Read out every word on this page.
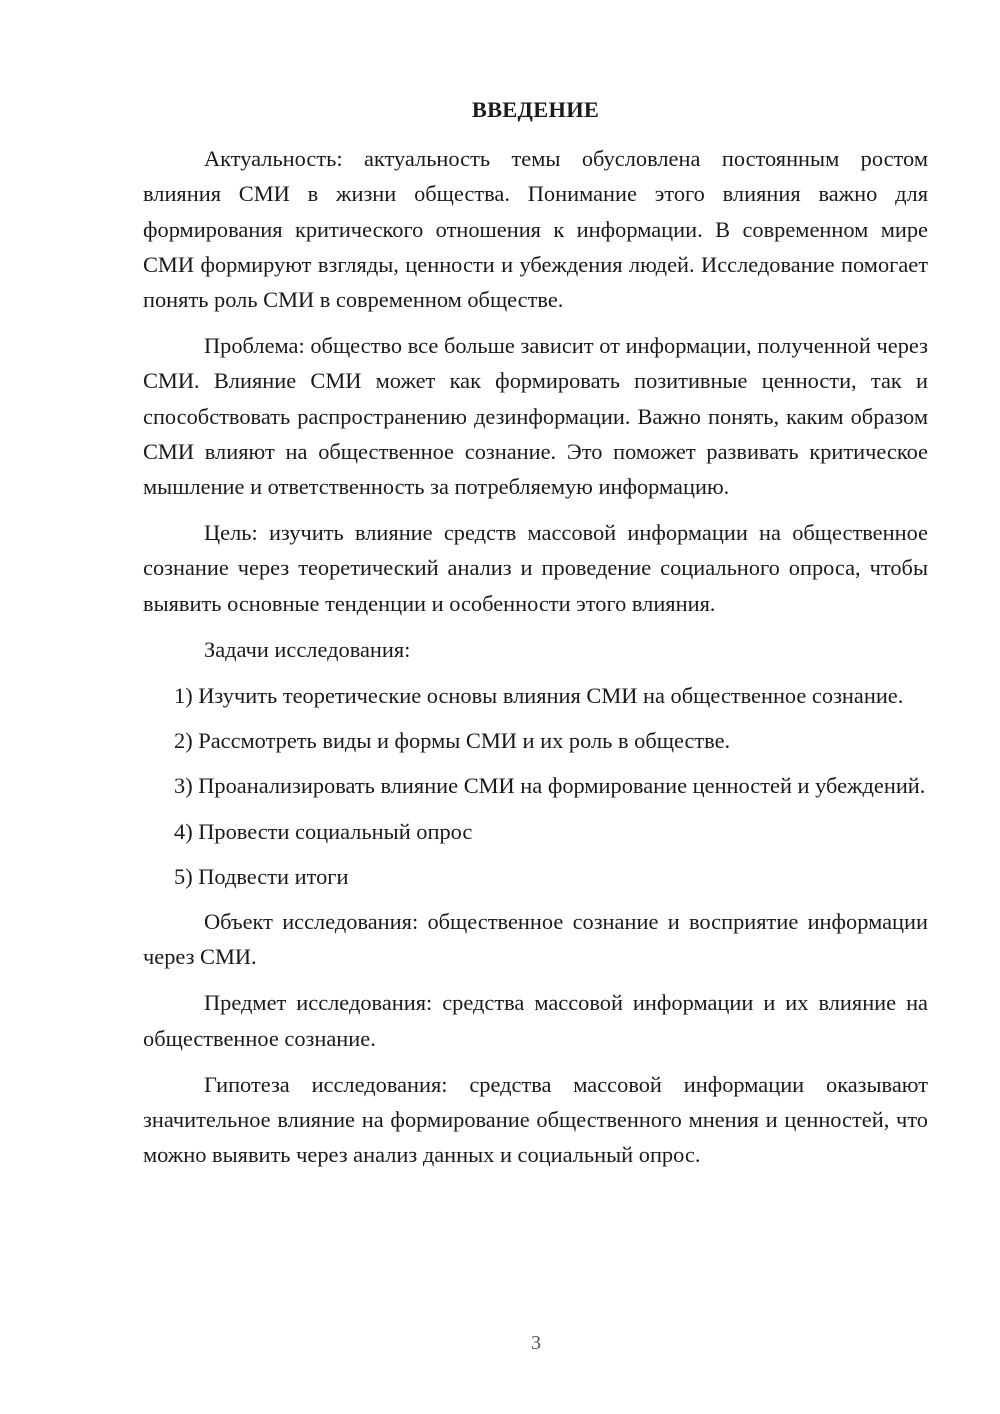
ВВЕДЕНИЕ

Актуальность: актуальность темы обусловлена постоянным ростом влияния СМИ в жизни общества. Понимание этого влияния важно для формирования критического отношения к информации. В современном мире СМИ формируют взгляды, ценности и убеждения людей. Исследование помогает понять роль СМИ в современном обществе.

Проблема: общество все больше зависит от информации, полученной через СМИ. Влияние СМИ может как формировать позитивные ценности, так и способствовать распространению дезинформации. Важно понять, каким образом СМИ влияют на общественное сознание. Это поможет развивать критическое мышление и ответственность за потребляемую информацию.

Цель: изучить влияние средств массовой информации на общественное сознание через теоретический анализ и проведение социального опроса, чтобы выявить основные тенденции и особенности этого влияния.

Задачи исследования:

1) Изучить теоретические основы влияния СМИ на общественное сознание.

2) Рассмотреть виды и формы СМИ и их роль в обществе.

3) Проанализировать влияние СМИ на формирование ценностей и убеждений.

4) Провести социальный опрос

5) Подвести итоги

Объект исследования: общественное сознание и восприятие информации через СМИ.

Предмет исследования: средства массовой информации и их влияние на общественное сознание.

Гипотеза исследования: средства массовой информации оказывают значительное влияние на формирование общественного мнения и ценностей, что можно выявить через анализ данных и социальный опрос.

3
